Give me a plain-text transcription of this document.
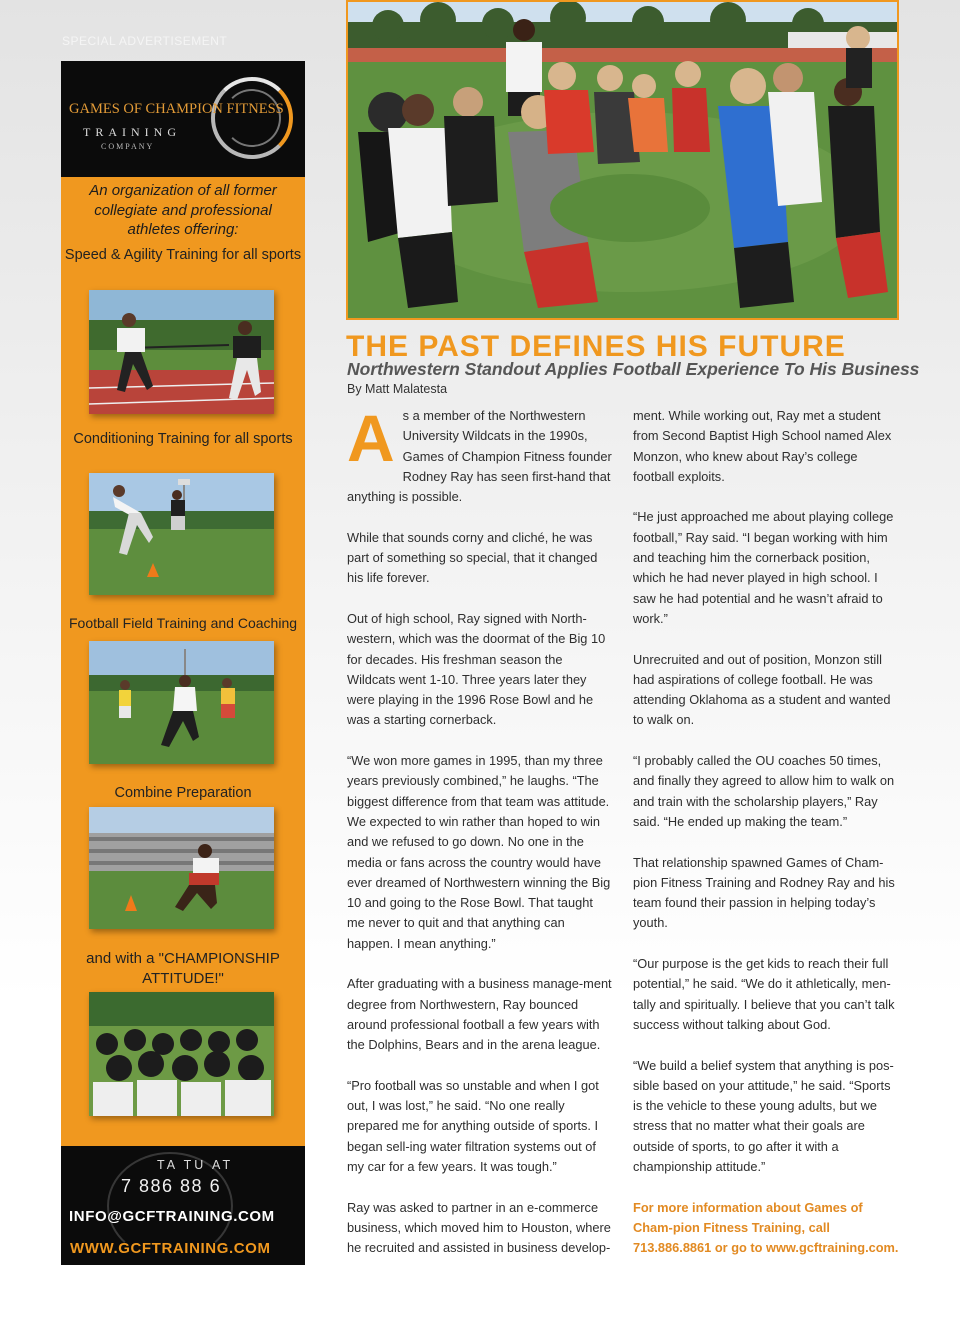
SPECIAL ADVERTISEMENT
GAMES OF CHAMPION FITNESS
TRAINING
COMPANY
An organization of all former collegiate and professional athletes offering:
Speed & Agility Training for all sports
Conditioning Training for all sports
Football Field Training and Coaching
Combine Preparation
and with a "CHAMPIONSHIP ATTITUDE!"
TA TU AT
7 886 88 6
INFO@GCFTRAINING.COM
WWW.GCFTRAINING.COM
THE PAST DEFINES HIS FUTURE
Northwestern Standout Applies Football Experience To His Business
By Matt Malatesta

As a member of the Northwestern University Wildcats in the 1990s, Games of Champion Fitness founder Rodney Ray has seen first-hand that anything is possible.

While that sounds corny and cliché, he was part of something so special, that it changed his life forever.

Out of high school, Ray signed with North-western, which was the doormat of the Big 10 for decades. His freshman season the Wildcats went 1-10. Three years later they were playing in the 1996 Rose Bowl and he was a starting cornerback.

“We won more games in 1995, than my three years previously combined,” he laughs. “The biggest difference from that team was attitude. We expected to win rather than hoped to win and we refused to go down. No one in the media or fans across the country would have ever dreamed of Northwestern winning the Big 10 and going to the Rose Bowl. That taught me never to quit and that anything can happen. I mean anything.”

After graduating with a business manage-ment degree from Northwestern, Ray bounced around professional football a few years with the Dolphins, Bears and in the arena league.

“Pro football was so unstable and when I got out, I was lost,” he said. “No one really prepared me for anything outside of sports. I began sell-ing water filtration systems out of my car for a few years. It was tough.”

Ray was asked to partner in an e-commerce business, which moved him to Houston, where he recruited and assisted in business develop-

ment. While working out, Ray met a student from Second Baptist High School named Alex Monzon, who knew about Ray’s college football exploits.

“He just approached me about playing college football,” Ray said. “I began working with him and teaching him the cornerback position, which he had never played in high school. I saw he had potential and he wasn’t afraid to work.”

Unrecruited and out of position, Monzon still had aspirations of college football. He was attending Oklahoma as a student and wanted to walk on.

“I probably called the OU coaches 50 times, and finally they agreed to allow him to walk on and train with the scholarship players,” Ray said. “He ended up making the team.”

That relationship spawned Games of Cham-pion Fitness Training and Rodney Ray and his team found their passion in helping today’s youth.

“Our purpose is the get kids to reach their full potential,” he said. “We do it athletically, men-tally and spiritually. I believe that you can’t talk success without talking about God.

“We build a belief system that anything is pos-sible based on your attitude,” he said. “Sports is the vehicle to these young adults, but we stress that no matter what their goals are outside of sports, to go after it with a championship attitude.”

For more information about Games of Cham-pion Fitness Training, call 713.886.8861 or go to www.gcftraining.com.
